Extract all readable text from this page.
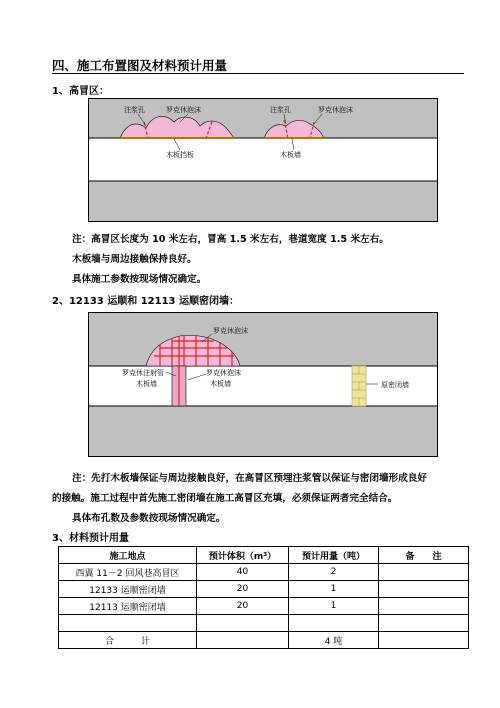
四、施工布置图及材料预计用量
1、高冒区：
注浆孔	罗克休泡沫	注浆孔	罗克休泡沫
木板挡板	木板墙
注：高冒区长度为 10 米左右，冒高 1.5 米左右，巷道宽度 1.5 米左右。
木板墙与周边接触保持良好。
具体施工参数按现场情况确定。
2、12133 运顺和 12113 运顺密闭墙：
罗克休泡沫
罗克休注射管
木板墙
罗克休泡沫
木板墙	原密闭墙
注：先打木板墙保证与周边接触良好，在高冒区预埋注浆管以保证与密闭墙形成良好
的接触。施工过程中首先施工密闭墙在施工高冒区充填，必须保证两者完全结合。
具体布孔数及参数按现场情况确定。
3、材料预计用量
施工地点	预计体积（m³）	预计用量（吨）	备　　注
西翼 11－2 回风巷高冒区	40	2	
12133 运顺密闭墙	20	1	
12113 运顺密闭墙	20	1	

合　　　计		4 吨	
